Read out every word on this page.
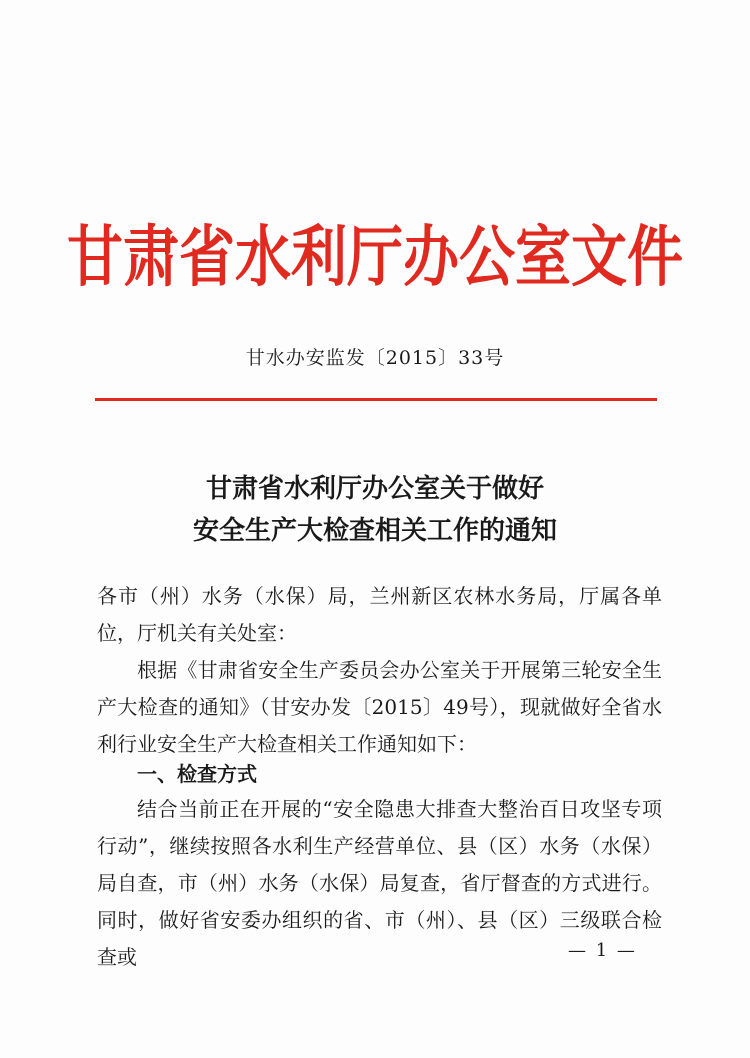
甘肃省水利厅办公室文件
甘水办安监发〔2015〕33号
甘肃省水利厅办公室关于做好
安全生产大检查相关工作的通知
各市（州）水务（水保）局，兰州新区农林水务局，厅属各单位，厅机关有关处室：
根据《甘肃省安全生产委员会办公室关于开展第三轮安全生产大检查的通知》（甘安办发〔2015〕49号），现就做好全省水利行业安全生产大检查相关工作通知如下：
一、检查方式
结合当前正在开展的“安全隐患大排查大整治百日攻坚专项行动”，继续按照各水利生产经营单位、县（区）水务（水保）局自查，市（州）水务（水保）局复查，省厅督查的方式进行。同时，做好省安委办组织的省、市（州）、县（区）三级联合检查或	— 1 —
